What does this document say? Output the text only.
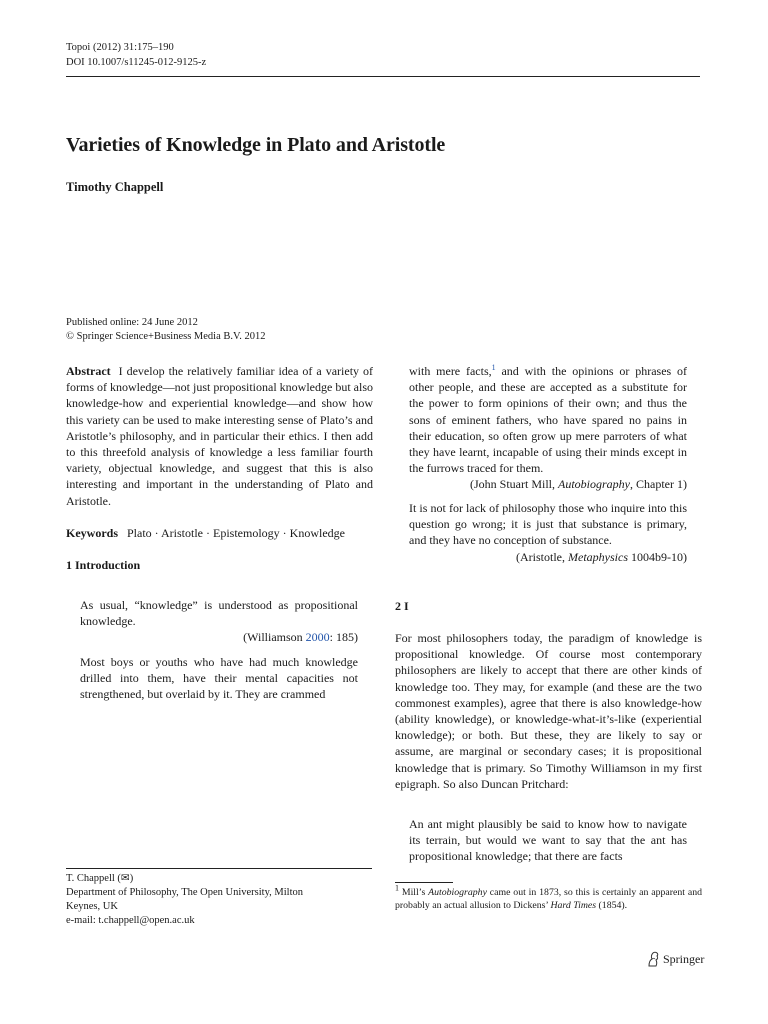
Topoi (2012) 31:175–190
DOI 10.1007/s11245-012-9125-z
Varieties of Knowledge in Plato and Aristotle
Timothy Chappell
Published online: 24 June 2012
© Springer Science+Business Media B.V. 2012

Abstract I develop the relatively familiar idea of a variety of forms of knowledge—not just propositional knowledge but also knowledge-how and experiential knowledge—and show how this variety can be used to make interesting sense of Plato’s and Aristotle’s philosophy, and in particular their ethics. I then add to this threefold analysis of knowledge a less familiar fourth variety, objectual knowledge, and suggest that this is also interesting and important in the understanding of Plato and Aristotle.

Keywords Plato · Aristotle · Epistemology · Knowledge

1 Introduction
As usual, “knowledge” is understood as propositional knowledge.
(Williamson 2000: 185)
Most boys or youths who have had much knowledge drilled into them, have their mental capacities not strengthened, but overlaid by it. They are crammed
T. Chappell (✉)
Department of Philosophy, The Open University, Milton Keynes, UK
e-mail: t.chappell@open.ac.uk
with mere facts,$^1$ and with the opinions or phrases of other people, and these are accepted as a substitute for the power to form opinions of their own; and thus the sons of eminent fathers, who have spared no pains in their education, so often grow up mere parroters of what they have learnt, incapable of using their minds except in the furrows traced for them.
(John Stuart Mill, Autobiography, Chapter 1)
It is not for lack of philosophy those who inquire into this question go wrong; it is just that substance is primary, and they have no conception of substance.
(Aristotle, Metaphysics 1004b9-10)
2 I
For most philosophers today, the paradigm of knowledge is propositional knowledge. Of course most contemporary philosophers are likely to accept that there are other kinds of knowledge too. They may, for example (and these are the two commonest examples), agree that there is also knowledge-how (ability knowledge), or knowledge-what-it’s-like (experiential knowledge); or both. But these, they are likely to say or assume, are marginal or secondary cases; it is propositional knowledge that is primary. So Timothy Williamson in my first epigraph. So also Duncan Pritchard:
An ant might plausibly be said to know how to navigate its terrain, but would we want to say that the ant has propositional knowledge; that there are facts
$^1$ Mill’s Autobiography came out in 1873, so this is certainly an apparent and probably an actual allusion to Dickens’ Hard Times (1854).
Springer
